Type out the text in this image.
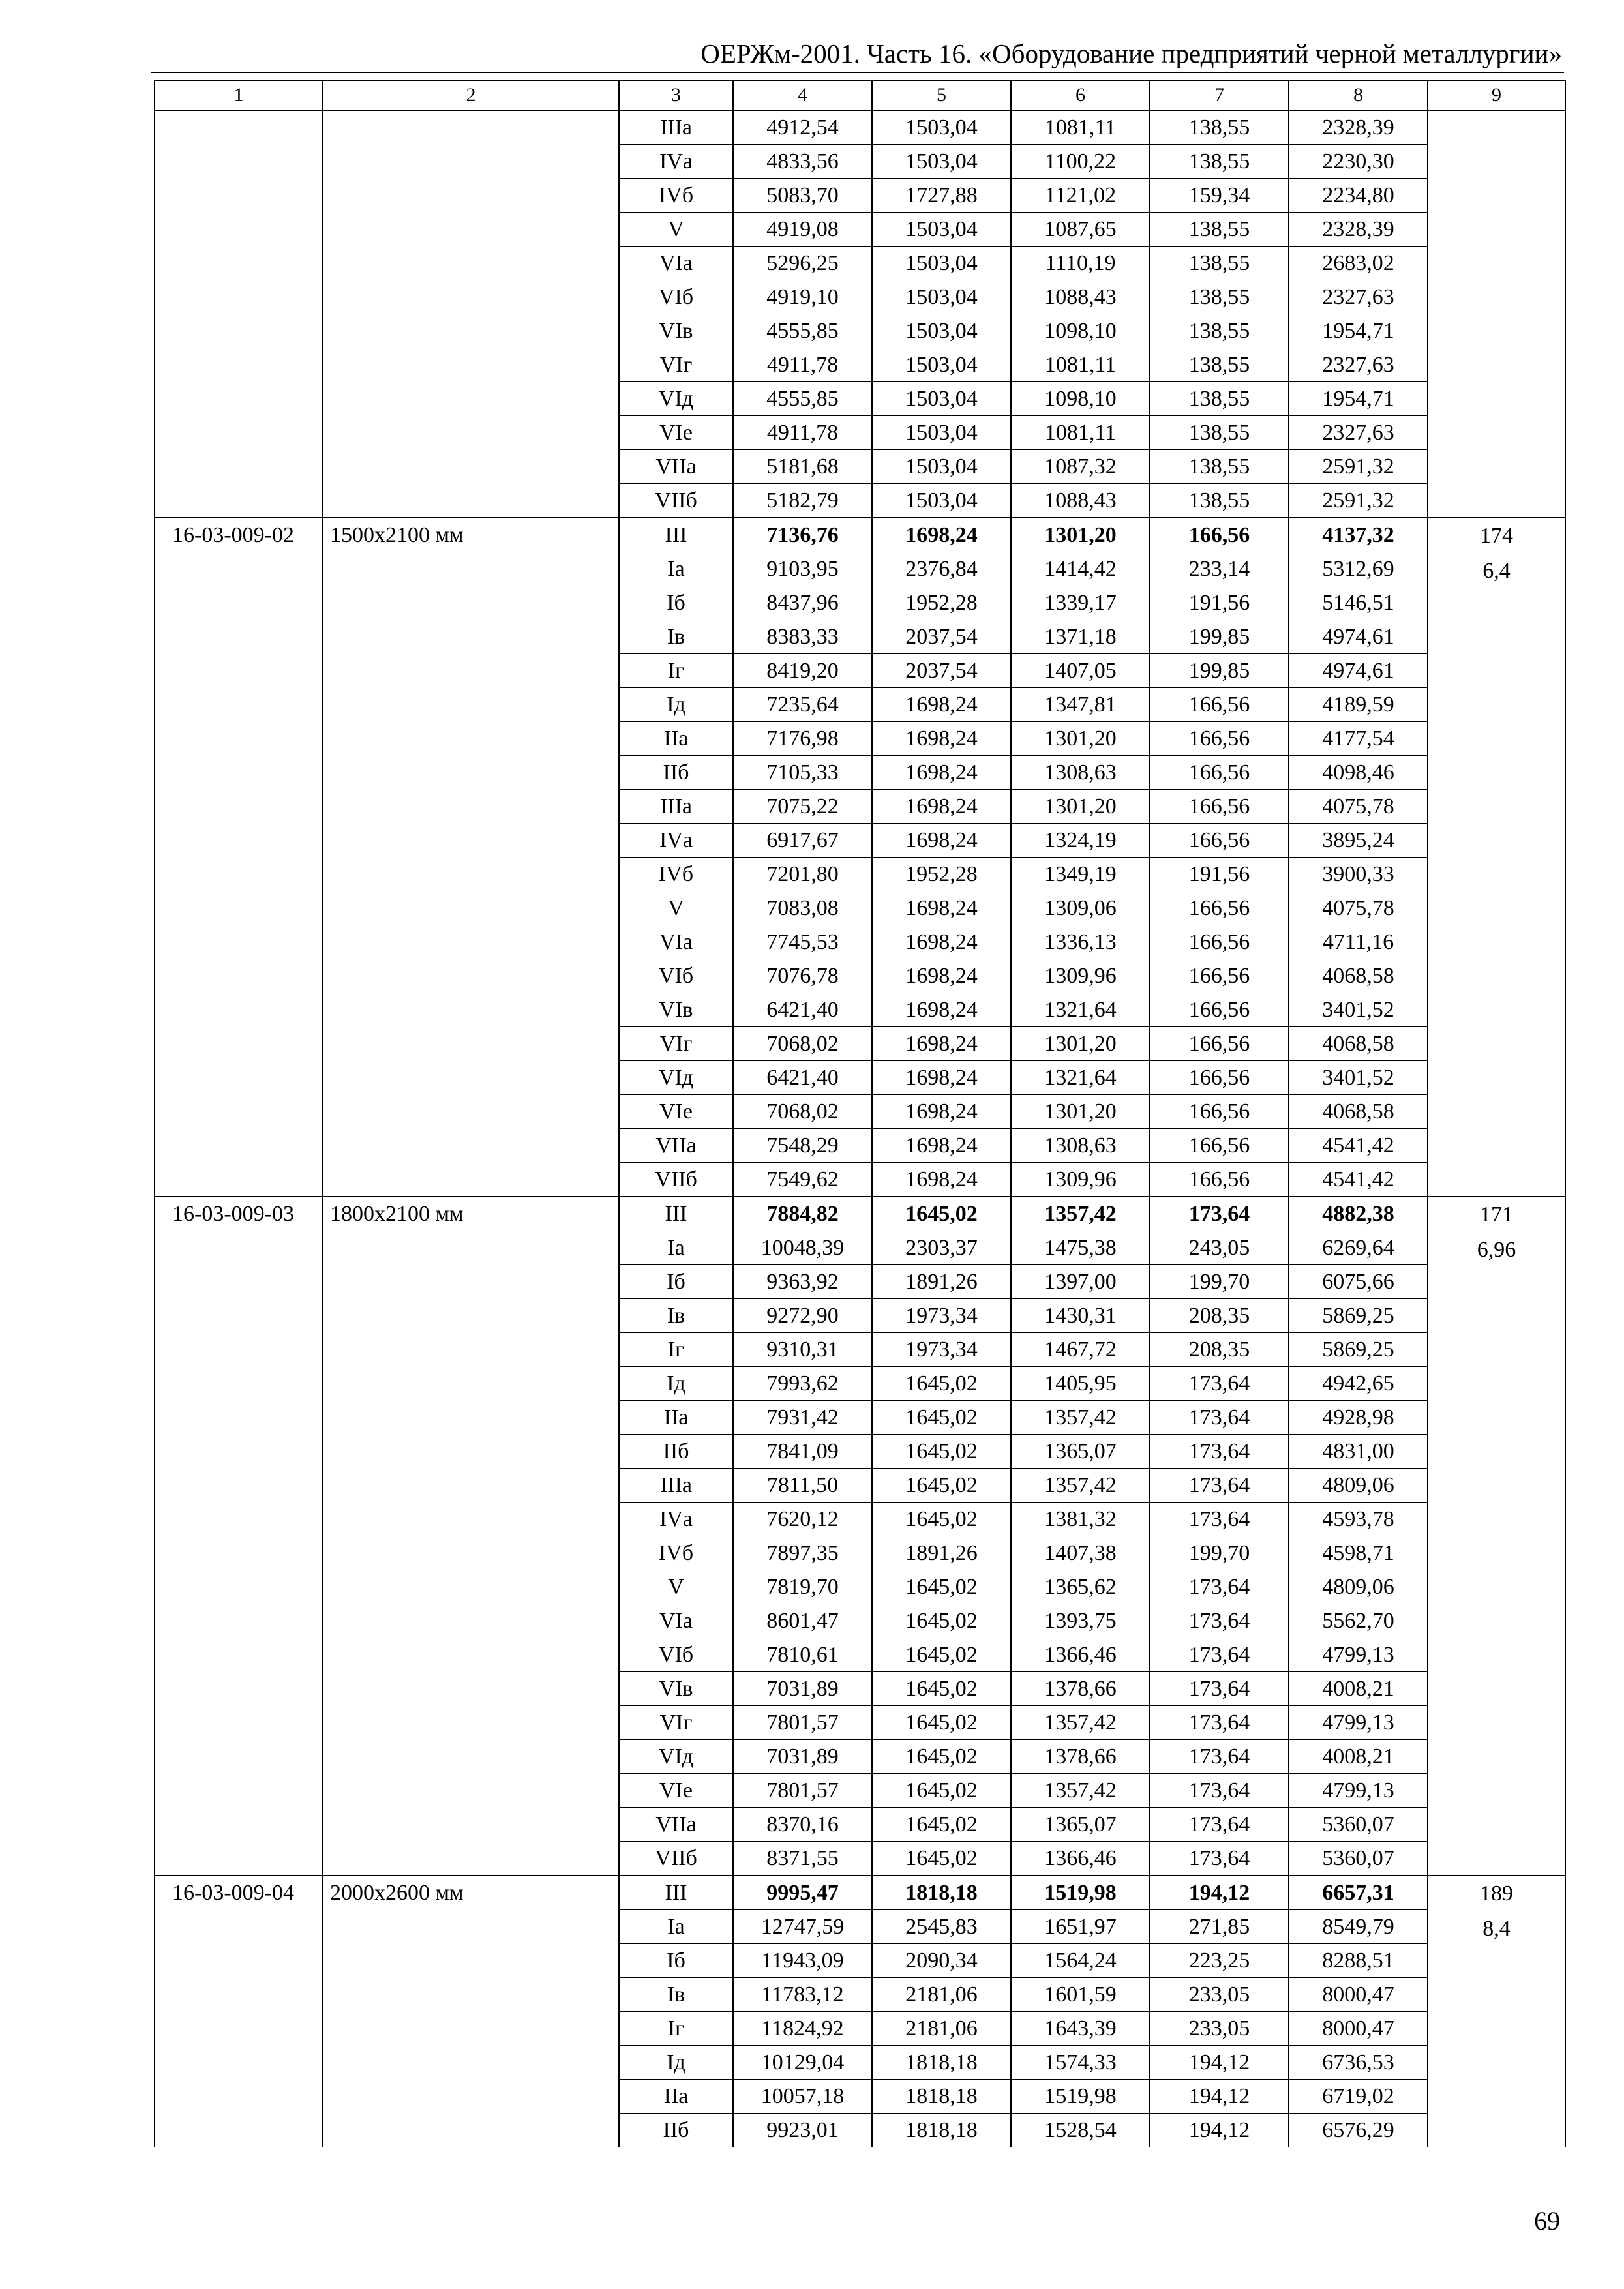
ОЕРЖм-2001. Часть 16. «Оборудование предприятий черной металлургии»
1	2	3	4	5	6	7	8	9
		IIIа	4912,54	1503,04	1081,11	138,55	2328,39	
		IVа	4833,56	1503,04	1100,22	138,55	2230,30	
		IVб	5083,70	1727,88	1121,02	159,34	2234,80	
		V	4919,08	1503,04	1087,65	138,55	2328,39	
		VIа	5296,25	1503,04	1110,19	138,55	2683,02	
		VIб	4919,10	1503,04	1088,43	138,55	2327,63	
		VIв	4555,85	1503,04	1098,10	138,55	1954,71	
		VIг	4911,78	1503,04	1081,11	138,55	2327,63	
		VIд	4555,85	1503,04	1098,10	138,55	1954,71	
		VIе	4911,78	1503,04	1081,11	138,55	2327,63	
		VIIа	5181,68	1503,04	1087,32	138,55	2591,32	
		VIIб	5182,79	1503,04	1088,43	138,55	2591,32	
16-03-009-02	1500x2100 мм	III	7136,76	1698,24	1301,20	166,56	4137,32	174
6,4

		Iа	9103,95	2376,84	1414,42	233,14	5312,69	
		Iб	8437,96	1952,28	1339,17	191,56	5146,51	
		Iв	8383,33	2037,54	1371,18	199,85	4974,61	
		Iг	8419,20	2037,54	1407,05	199,85	4974,61	
		Iд	7235,64	1698,24	1347,81	166,56	4189,59	
		IIа	7176,98	1698,24	1301,20	166,56	4177,54	
		IIб	7105,33	1698,24	1308,63	166,56	4098,46	
		IIIа	7075,22	1698,24	1301,20	166,56	4075,78	
		IVа	6917,67	1698,24	1324,19	166,56	3895,24	
		IVб	7201,80	1952,28	1349,19	191,56	3900,33	
		V	7083,08	1698,24	1309,06	166,56	4075,78	
		VIа	7745,53	1698,24	1336,13	166,56	4711,16	
		VIб	7076,78	1698,24	1309,96	166,56	4068,58	
		VIв	6421,40	1698,24	1321,64	166,56	3401,52	
		VIг	7068,02	1698,24	1301,20	166,56	4068,58	
		VIд	6421,40	1698,24	1321,64	166,56	3401,52	
		VIе	7068,02	1698,24	1301,20	166,56	4068,58	
		VIIа	7548,29	1698,24	1308,63	166,56	4541,42	
		VIIб	7549,62	1698,24	1309,96	166,56	4541,42	
16-03-009-03	1800x2100 мм	III	7884,82	1645,02	1357,42	173,64	4882,38	171
6,96

		Iа	10048,39	2303,37	1475,38	243,05	6269,64	
		Iб	9363,92	1891,26	1397,00	199,70	6075,66	
		Iв	9272,90	1973,34	1430,31	208,35	5869,25	
		Iг	9310,31	1973,34	1467,72	208,35	5869,25	
		Iд	7993,62	1645,02	1405,95	173,64	4942,65	
		IIа	7931,42	1645,02	1357,42	173,64	4928,98	
		IIб	7841,09	1645,02	1365,07	173,64	4831,00	
		IIIа	7811,50	1645,02	1357,42	173,64	4809,06	
		IVа	7620,12	1645,02	1381,32	173,64	4593,78	
		IVб	7897,35	1891,26	1407,38	199,70	4598,71	
		V	7819,70	1645,02	1365,62	173,64	4809,06	
		VIа	8601,47	1645,02	1393,75	173,64	5562,70	
		VIб	7810,61	1645,02	1366,46	173,64	4799,13	
		VIв	7031,89	1645,02	1378,66	173,64	4008,21	
		VIг	7801,57	1645,02	1357,42	173,64	4799,13	
		VIд	7031,89	1645,02	1378,66	173,64	4008,21	
		VIе	7801,57	1645,02	1357,42	173,64	4799,13	
		VIIа	8370,16	1645,02	1365,07	173,64	5360,07	
		VIIб	8371,55	1645,02	1366,46	173,64	5360,07	
16-03-009-04	2000x2600 мм	III	9995,47	1818,18	1519,98	194,12	6657,31	189
8,4

		Iа	12747,59	2545,83	1651,97	271,85	8549,79	
		Iб	11943,09	2090,34	1564,24	223,25	8288,51	
		Iв	11783,12	2181,06	1601,59	233,05	8000,47	
		Iг	11824,92	2181,06	1643,39	233,05	8000,47	
		Iд	10129,04	1818,18	1574,33	194,12	6736,53	
		IIа	10057,18	1818,18	1519,98	194,12	6719,02	
		IIб	9923,01	1818,18	1528,54	194,12	6576,29	
69
